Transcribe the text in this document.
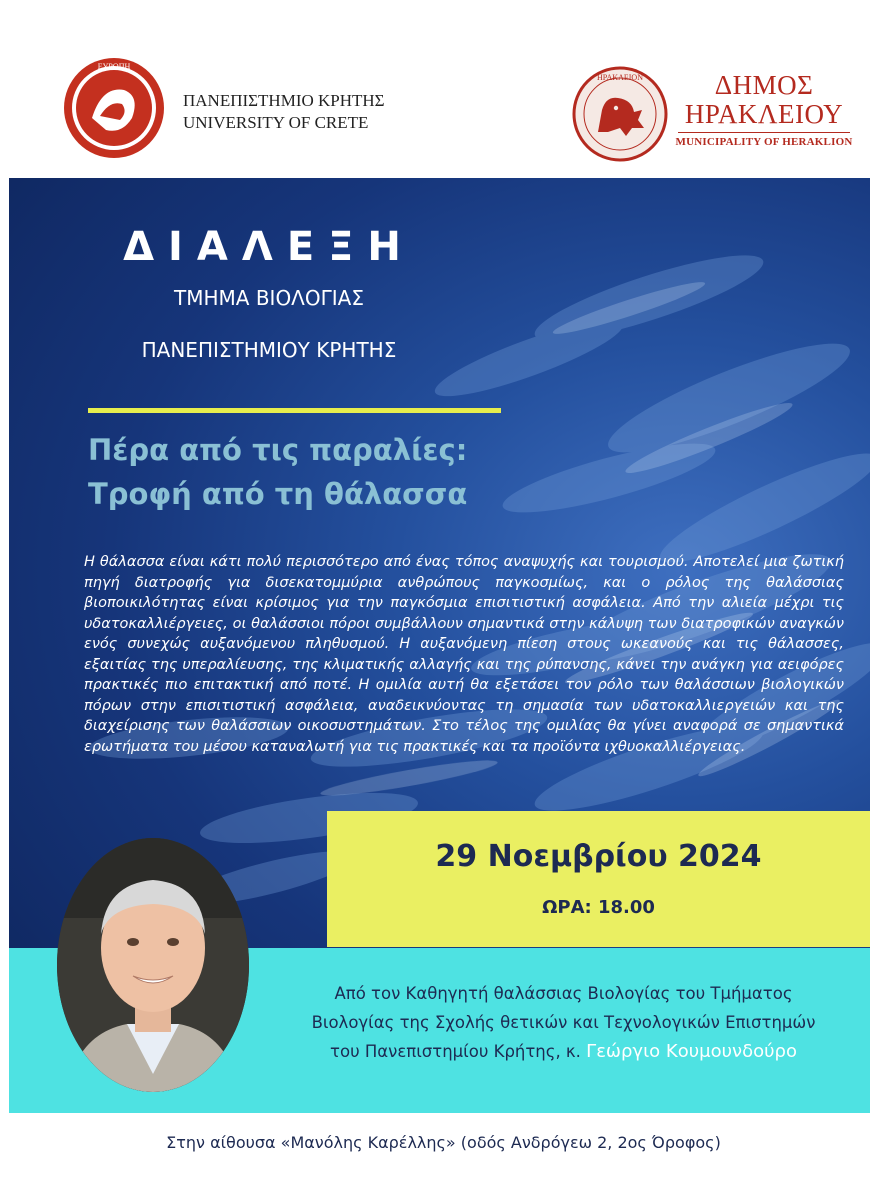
ΕΥΡΩΠΗ
ΠΑΝΕΠΙΣΤΗΜΙΟ ΚΡΗΤΗΣ
UNIVERSITY OF CRETE
ΗΡΑΚΛΕΙΟΝ	ΔΗΜΟΣ
ΗΡΑΚΛΕΙΟΥ
MUNICIPALITY OF HERAKLION
ΔΙΑΛΕΞΗ
ΤΜΗΜΑ ΒΙΟΛΟΓΙΑΣ
ΠΑΝΕΠΙΣΤΗΜΙΟΥ ΚΡΗΤΗΣ
Πέρα από τις παραλίες:
Τροφή από τη θάλασσα
Η θάλασσα είναι κάτι πολύ περισσότερο από ένας τόπος αναψυχής και τουρισμού. Αποτελεί μια ζωτική πηγή διατροφής για δισεκατομμύρια ανθρώπους παγκοσμίως, και ο ρόλος της θαλάσσιας βιοποικιλότητας είναι κρίσιμος για την παγκόσμια επισιτιστική ασφάλεια. Από την αλιεία μέχρι τις υδατοκαλλιέργειες, οι θαλάσσιοι πόροι συμβάλλουν σημαντικά στην κάλυψη των διατροφικών αναγκών ενός συνεχώς αυξανόμενου πληθυσμού. Η αυξανόμενη πίεση στους ωκεανούς και τις θάλασσες, εξαιτίας της υπεραλίευσης, της κλιματικής αλλαγής και της ρύπανσης, κάνει την ανάγκη για αειφόρες πρακτικές πιο επιτακτική από ποτέ. Η ομιλία αυτή θα εξετάσει τον ρόλο των θαλάσσιων βιολογικών πόρων στην επισιτιστική ασφάλεια, αναδεικνύοντας τη σημασία των υδατοκαλλιεργειών και της διαχείρισης των θαλάσσιων οικοσυστημάτων. Στο τέλος της ομιλίας θα γίνει αναφορά σε σημαντικά ερωτήματα του μέσου καταναλωτή για τις πρακτικές και τα προϊόντα ιχθυοκαλλιέργειας.
29 Νοεμβρίου 2024
ΩΡΑ: 18.00
Από τον Καθηγητή θαλάσσιας Βιολογίας του Τμήματος
Βιολογίας της Σχολής θετικών και Τεχνολογικών Επιστημών
του Πανεπιστημίου Κρήτης, κ. Γεώργιο Κουμουνδούρο
Στην αίθουσα «Μανόλης Καρέλλης» (οδός Ανδρόγεω 2, 2ος Όροφος)
